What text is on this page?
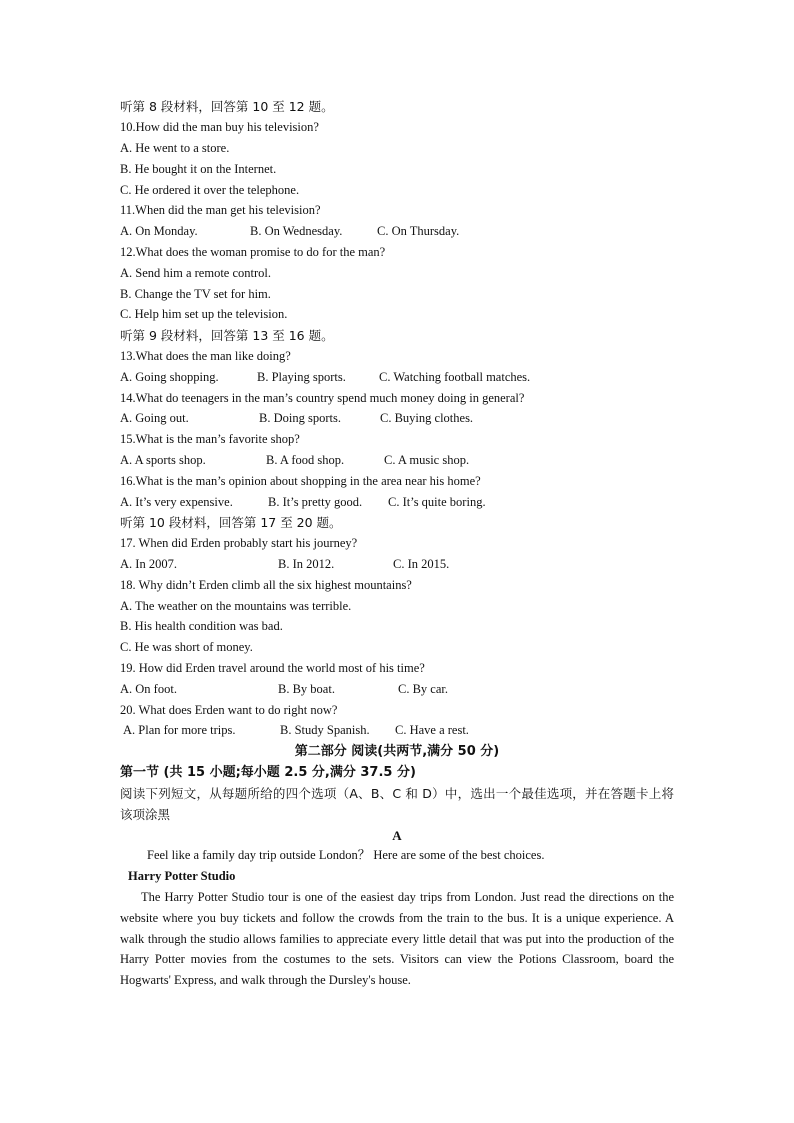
听第 8 段材料，回答第 10 至 12 题。
10.How did the man buy his television?
A. He went to a store.
B. He bought it on the Internet.
C. He ordered it over the telephone.
11.When did the man get his television?
A. On Monday.	B. On Wednesday.	C. On Thursday.
12.What does the woman promise to do for the man?
A. Send him a remote control.
B. Change the TV set for him.
C. Help him set up the television.
听第 9 段材料，回答第 13 至 16 题。
13.What does the man like doing?
A. Going shopping.	B. Playing sports.	C. Watching football matches.
14.What do teenagers in the man’s country spend much money doing in general?
A. Going out.	B. Doing sports.	C. Buying clothes.
15.What is the man’s favorite shop?
A. A sports shop.	B. A food shop.	C. A music shop.
16.What is the man’s opinion about shopping in the area near his home?
A. It’s very expensive.	B. It’s pretty good. C. It’s quite boring.
听第 10 段材料，回答第 17 至 20 题。
17. When did Erden probably start his journey?
A. In 2007.	B. In 2012.	C. In 2015.
18. Why didn’t Erden climb all the six highest mountains?
A. The weather on the mountains was terrible.
B. His health condition was bad.
C. He was short of money.
19. How did Erden travel around the world most of his time?
A. On foot.	B. By boat.	C. By car.
20. What does Erden want to do right now?
A. Plan for more trips.	B. Study Spanish. C. Have a rest.
第二部分 阅读(共两节,满分 50 分)
第一节 (共 15 小题;每小题 2.5 分,满分 37.5 分)
阅读下列短文，从每题所给的四个选项（A、B、C 和 D）中，选出一个最佳选项，并在答题卡上将该项涂黑
A
Feel like a family day trip outside London？ Here are some of the best choices.
Harry Potter Studio
The Harry Potter Studio tour is one of the easiest day trips from London. Just read the directions on the website where you buy tickets and follow the crowds from the train to the bus. It is a unique experience. A walk through the studio allows families to appreciate every little detail that was put into the production of the Harry Potter movies from the costumes to the sets. Visitors can view the Potions Classroom, board the Hogwarts' Express, and walk through the Dursley's house.
